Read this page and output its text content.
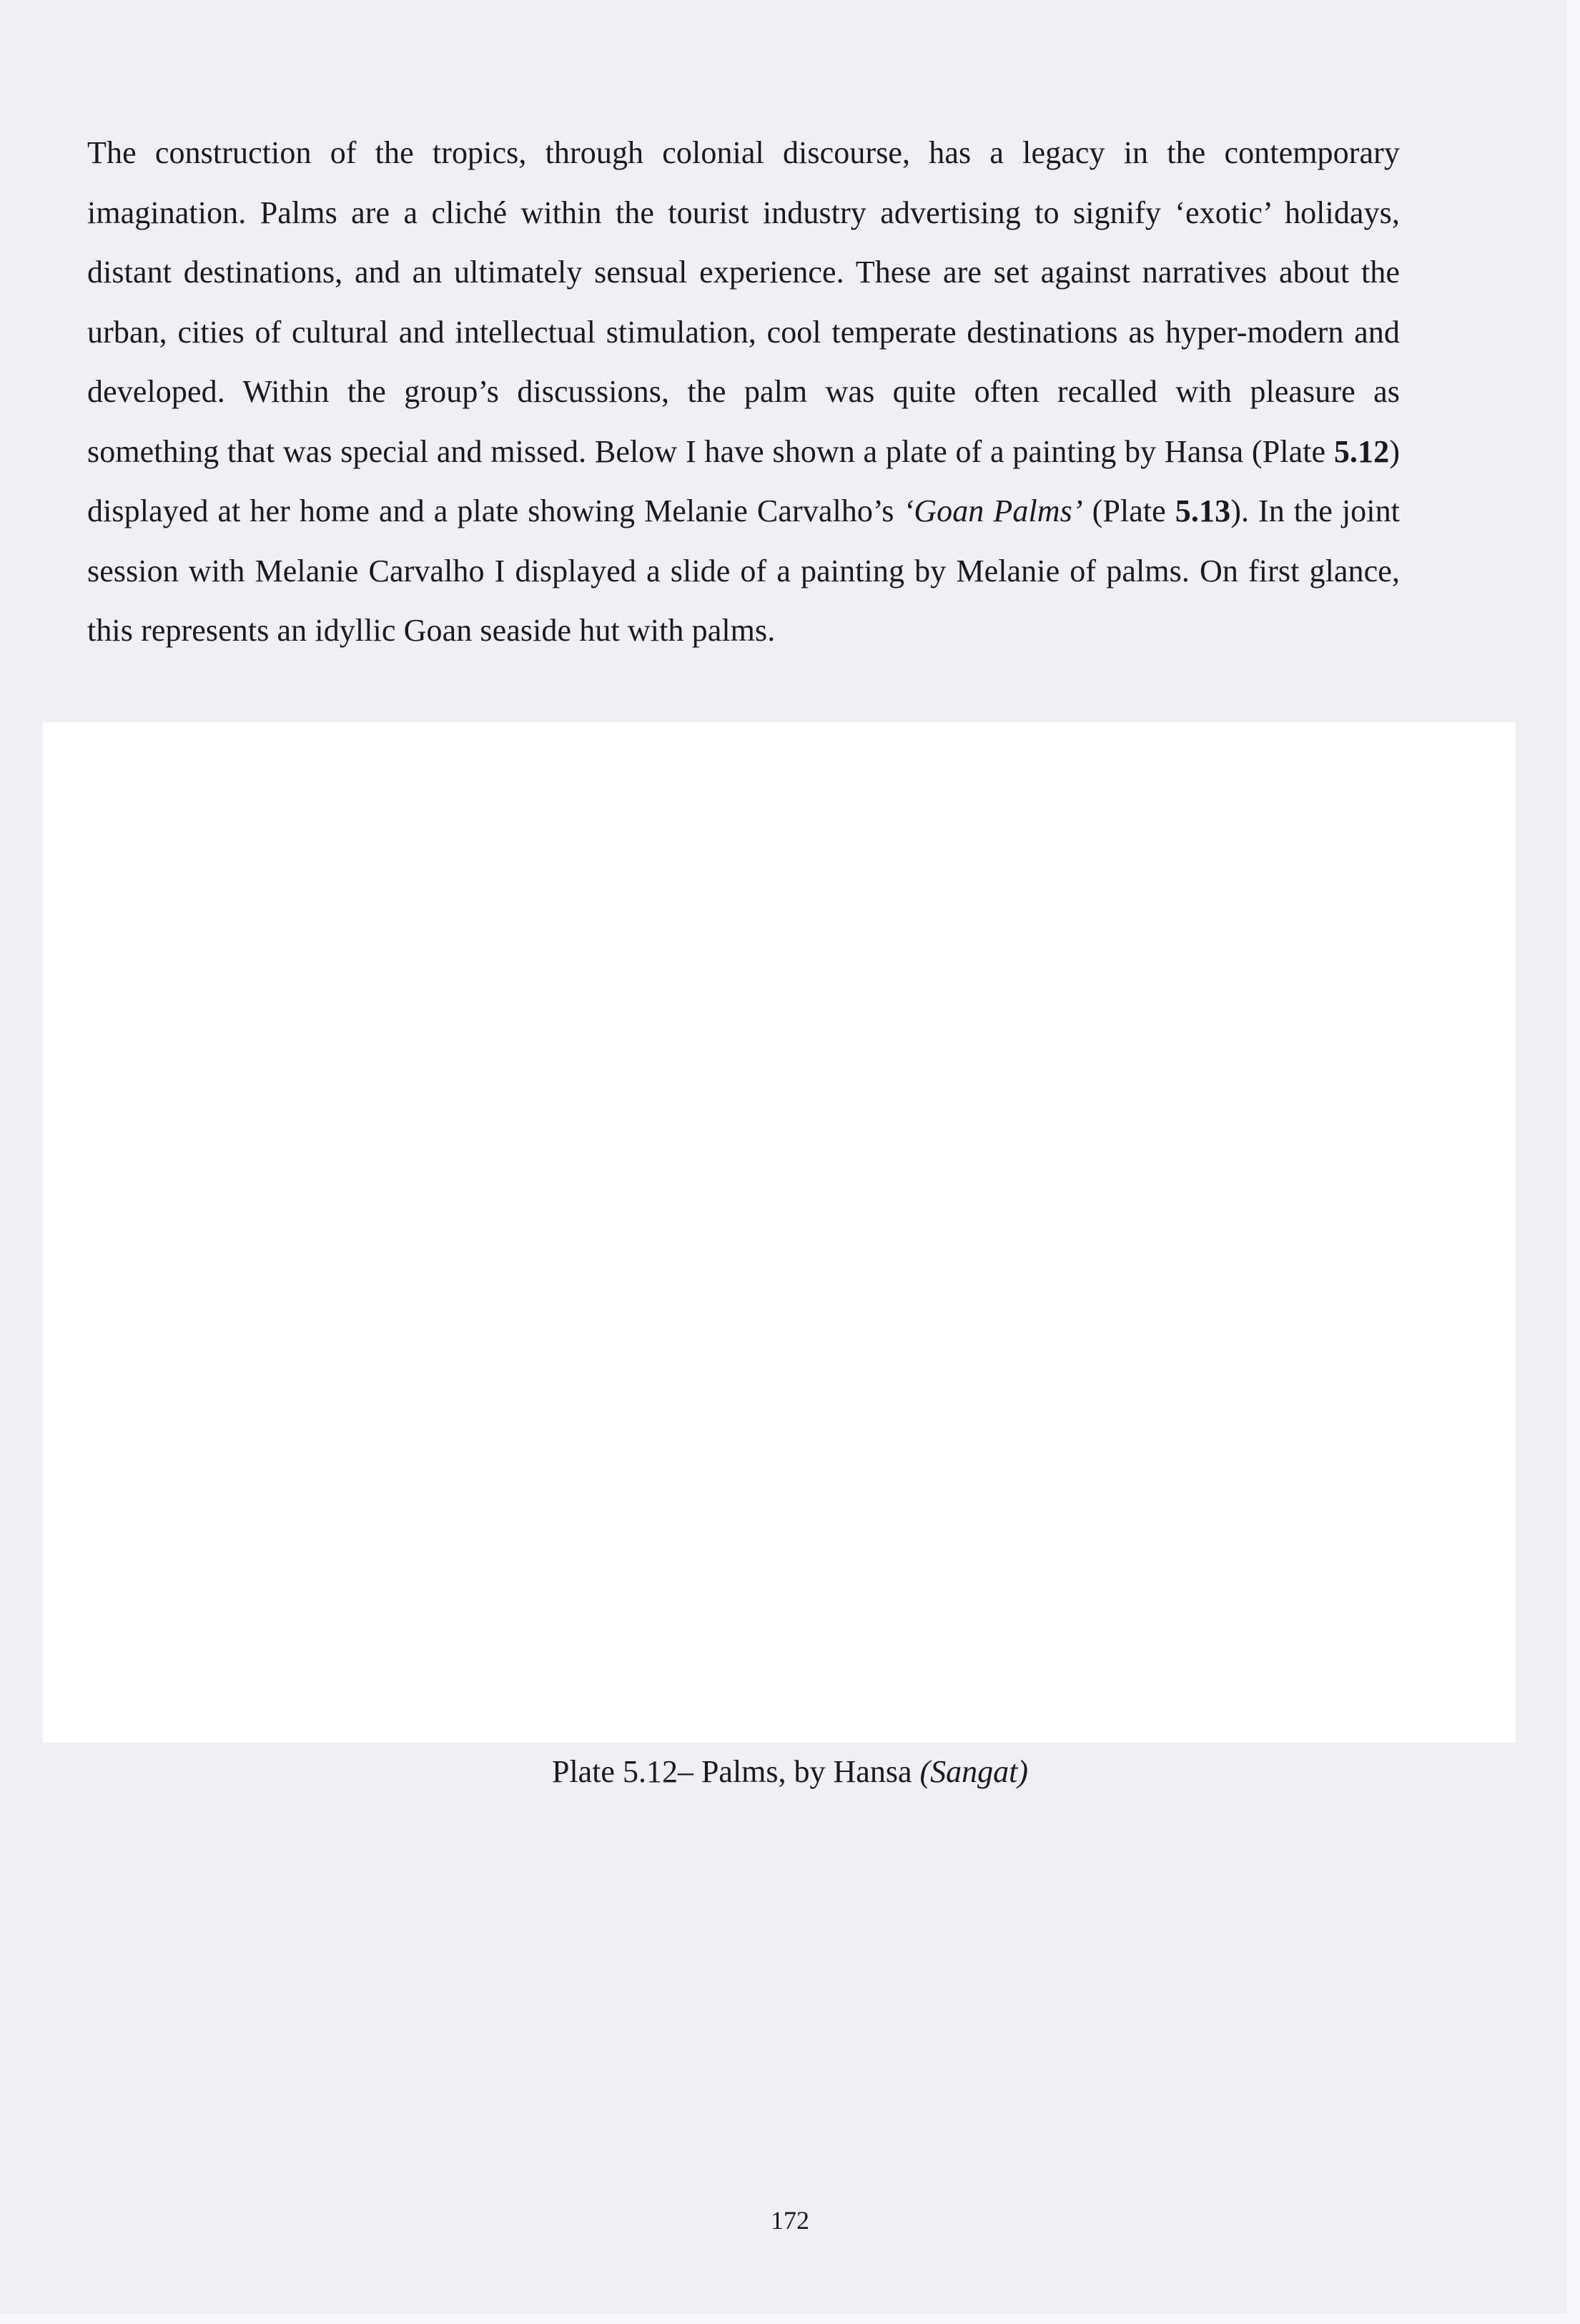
The construction of the tropics, through colonial discourse, has a legacy in the contemporary imagination. Palms are a cliché within the tourist industry advertising to signify ‘exotic’ holidays, distant destinations, and an ultimately sensual experience. These are set against narratives about the urban, cities of cultural and intellectual stimulation, cool temperate destinations as hyper-modern and developed. Within the group’s discussions, the palm was quite often recalled with pleasure as something that was special and missed. Below I have shown a plate of a painting by Hansa (Plate 5.12) displayed at her home and a plate showing Melanie Carvalho’s ‘Goan Palms’ (Plate 5.13). In the joint session with Melanie Carvalho I displayed a slide of a painting by Melanie of palms. On first glance, this represents an idyllic Goan seaside hut with palms.

Plate 5.12– Palms, by Hansa (Sangat)

172
